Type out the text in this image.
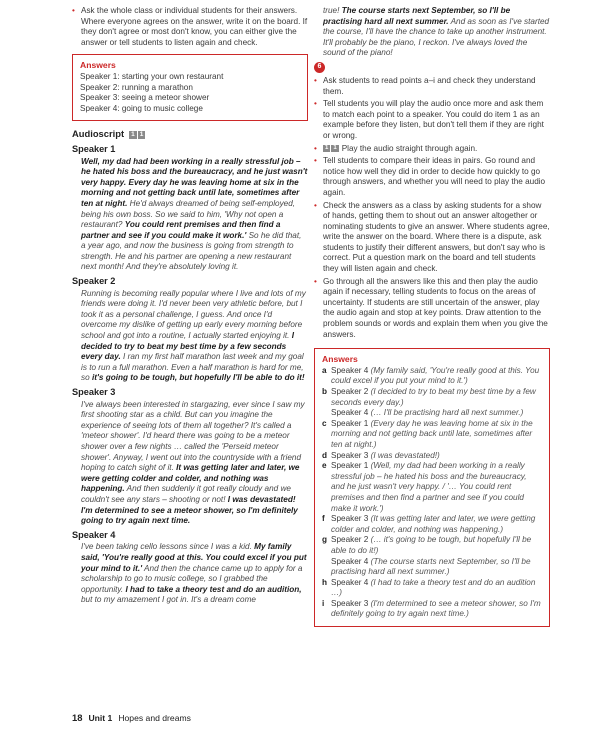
• Ask the whole class or individual students for their answers. Where everyone agrees on the answer, write it on the board. If they don't agree or most don't know, you can either give the answer or tell students to listen again and check.
Answers
Speaker 1: starting your own restaurant
Speaker 2: running a marathon
Speaker 3: seeing a meteor shower
Speaker 4: going to music college
Audioscript	1 1
Speaker 1
Well, my dad had been working in a really stressful job – he hated his boss and the bureaucracy, and he just wasn't very happy. Every day he was leaving home at six in the morning and not getting back until late, sometimes after ten at night. He'd always dreamed of being self-employed, being his own boss. So we said to him, 'Why not open a restaurant? You could rent premises and then find a partner and see if you could make it work.' So he did that, a year ago, and now the business is going from strength to strength. He and his partner are opening a new restaurant next month! And they're absolutely loving it.
Speaker 2
Running is becoming really popular where I live and lots of my friends were doing it. I'd never been very athletic before, but I took it as a personal challenge, I guess. And once I'd overcome my dislike of getting up early every morning before school and got into a routine, I actually started enjoying it. I decided to try to beat my best time by a few seconds every day. I ran my first half marathon last week and my goal is to run a full marathon. Even a half marathon is hard for me, so it's going to be tough, but hopefully I'll be able to do it!
Speaker 3
I've always been interested in stargazing, ever since I saw my first shooting star as a child. But can you imagine the experience of seeing lots of them all together? It's called a 'meteor shower'. I'd heard there was going to be a meteor shower over a few nights … called the 'Perseid meteor shower'. Anyway, I went out into the countryside with a friend hoping to catch sight of it. It was getting later and later, we were getting colder and colder, and nothing was happening. And then suddenly it got really cloudy and we couldn't see any stars – shooting or not! I was devastated! I'm determined to see a meteor shower, so I'm definitely going to try again next time.
Speaker 4
I've been taking cello lessons since I was a kid. My family said, 'You're really good at this. You could excel if you put your mind to it.' And then the chance came up to apply for a scholarship to go to music college, so I grabbed the opportunity. I had to take a theory test and do an audition, but to my amazement I got in. It's a dream come
true! The course starts next September, so I'll be practising hard all next summer. And as soon as I've started the course, I'll have the chance to take up another instrument. It'll probably be the piano, I reckon. I've always loved the sound of the piano!
6
• Ask students to read points a–i and check they understand them.
• Tell students you will play the audio once more and ask them to match each point to a speaker. You could do item 1 as an example before they listen, but don't tell them if they are right or wrong.
• 1 1 Play the audio straight through again.
• Tell students to compare their ideas in pairs. Go round and notice how well they did in order to decide how quickly to go through answers, and whether you will need to play the audio again.
• Check the answers as a class by asking students for a show of hands, getting them to shout out an answer altogether or nominating students to give an answer. Where students agree, write the answer on the board. Where there is a dispute, ask students to justify their different answers, but don't say who is correct. Put a question mark on the board and tell students they will listen again and check.
• Go through all the answers like this and then play the audio again if necessary, telling students to focus on the areas of uncertainty. If students are still uncertain of the answer, play the audio again and stop at key points. Draw attention to the problem sounds or words and explain them when you give the answers.
Answers
a Speaker 4 (My family said, 'You're really good at this. You could excel if you put your mind to it.')
b Speaker 2 (I decided to try to beat my best time by a few seconds every day.)
Speaker 4 (… I'll be practising hard all next summer.)
c Speaker 1 (Every day he was leaving home at six in the morning and not getting back until late, sometimes after ten at night.)
d Speaker 3 (I was devastated!)
e Speaker 1 (Well, my dad had been working in a really stressful job – he hated his boss and the bureaucracy, and he just wasn't very happy. / '… You could rent premises and then find a partner and see if you could make it work.')
f Speaker 3 (It was getting later and later, we were getting colder and colder, and nothing was happening.)
g Speaker 2 (… it's going to be tough, but hopefully I'll be able to do it!)
Speaker 4 (The course starts next September, so I'll be practising hard all next summer.)
h Speaker 4 (I had to take a theory test and do an audition …)
i Speaker 3 (I'm determined to see a meteor shower, so I'm definitely going to try again next time.)
18 Unit 1 Hopes and dreams
